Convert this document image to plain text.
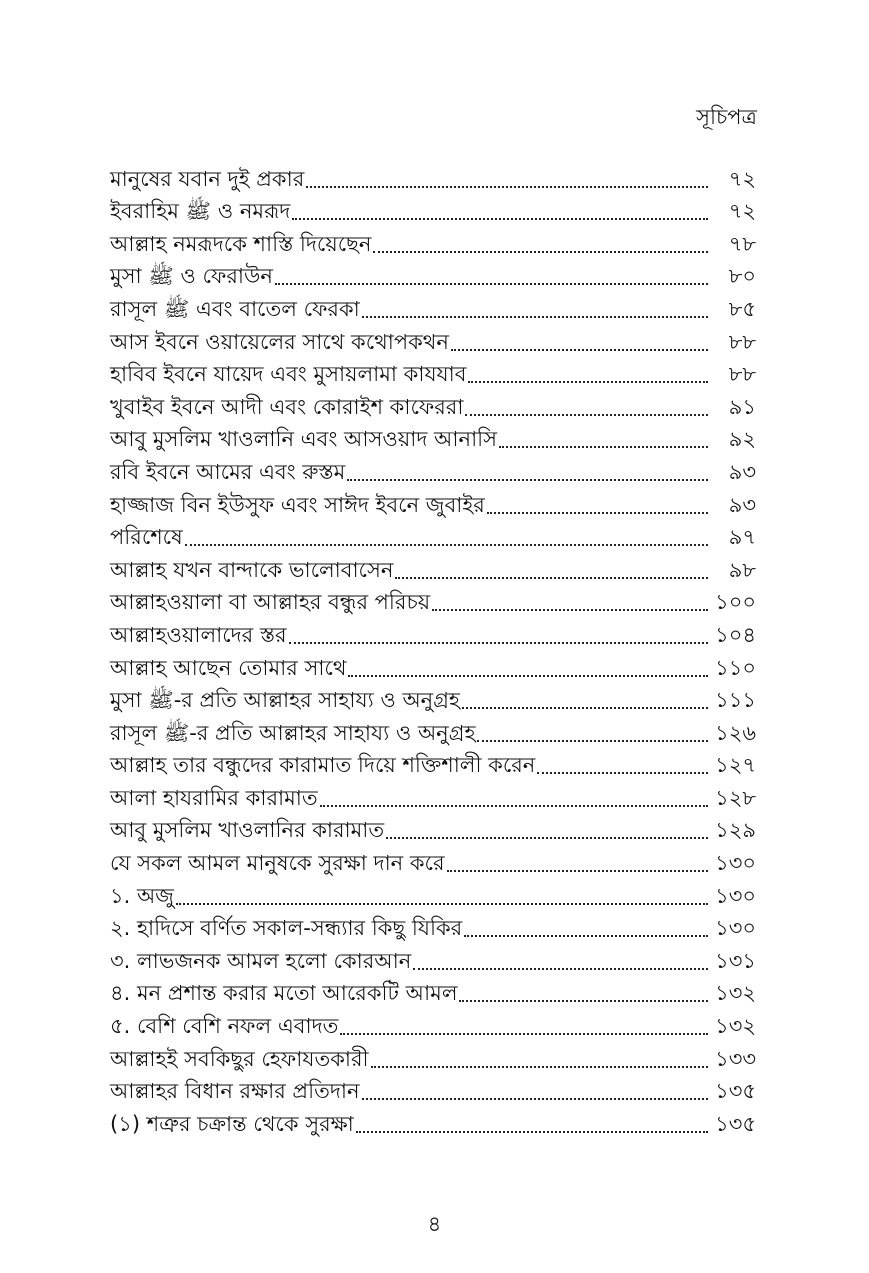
সূচিপত্র
মানুষের যবান দুই প্রকার	৭২
ইবরাহিম ﷺ ও নমরূদ	৭২
আল্লাহ নমরূদকে শাস্তি দিয়েছেন	৭৮
মুসা ﷺ ও ফেরাউন	৮০
রাসূল ﷺ এবং বাতেল ফেরকা	৮৫
আস ইবনে ওয়ায়েলের সাথে কথোপকথন	৮৮
হাবিব ইবনে যায়েদ এবং মুসায়লামা কাযযাব	৮৮
খুবাইব ইবনে আদী এবং কোরাইশ কাফেররা	৯১
আবু মুসলিম খাওলানি এবং আসওয়াদ আনাসি	৯২
রবি ইবনে আমের এবং রুস্তম	৯৩
হাজ্জাজ বিন ইউসুফ এবং সাঈদ ইবনে জুবাইর	৯৩
পরিশেষে	৯৭
আল্লাহ যখন বান্দাকে ভালোবাসেন	৯৮
আল্লাহওয়ালা বা আল্লাহর বন্ধুর পরিচয়	১০০
আল্লাহওয়ালাদের স্তর	১০৪
আল্লাহ আছেন তোমার সাথে	১১০
মুসা ﷺ-র প্রতি আল্লাহর সাহায্য ও অনুগ্রহ	১১১
রাসূল ﷺ-র প্রতি আল্লাহর সাহায্য ও অনুগ্রহ	১২৬
আল্লাহ তার বন্ধুদের কারামাত দিয়ে শক্তিশালী করেন	১২৭
আলা হাযরামির কারামাত	১২৮
আবু মুসলিম খাওলানির কারামাত	১২৯
যে সকল আমল মানুষকে সুরক্ষা দান করে	১৩০
১. অজু	১৩০
২. হাদিসে বর্ণিত সকাল-সন্ধ্যার কিছু যিকির	১৩০
৩. লাভজনক আমল হলো কোরআন	১৩১
৪. মন প্রশান্ত করার মতো আরেকটি আমল	১৩২
৫. বেশি বেশি নফল এবাদত	১৩২
আল্লাহই সবকিছুর হেফাযতকারী	১৩৩
আল্লাহর বিধান রক্ষার প্রতিদান	১৩৫
(১) শত্রুর চক্রান্ত থেকে সুরক্ষা	১৩৫
৪
